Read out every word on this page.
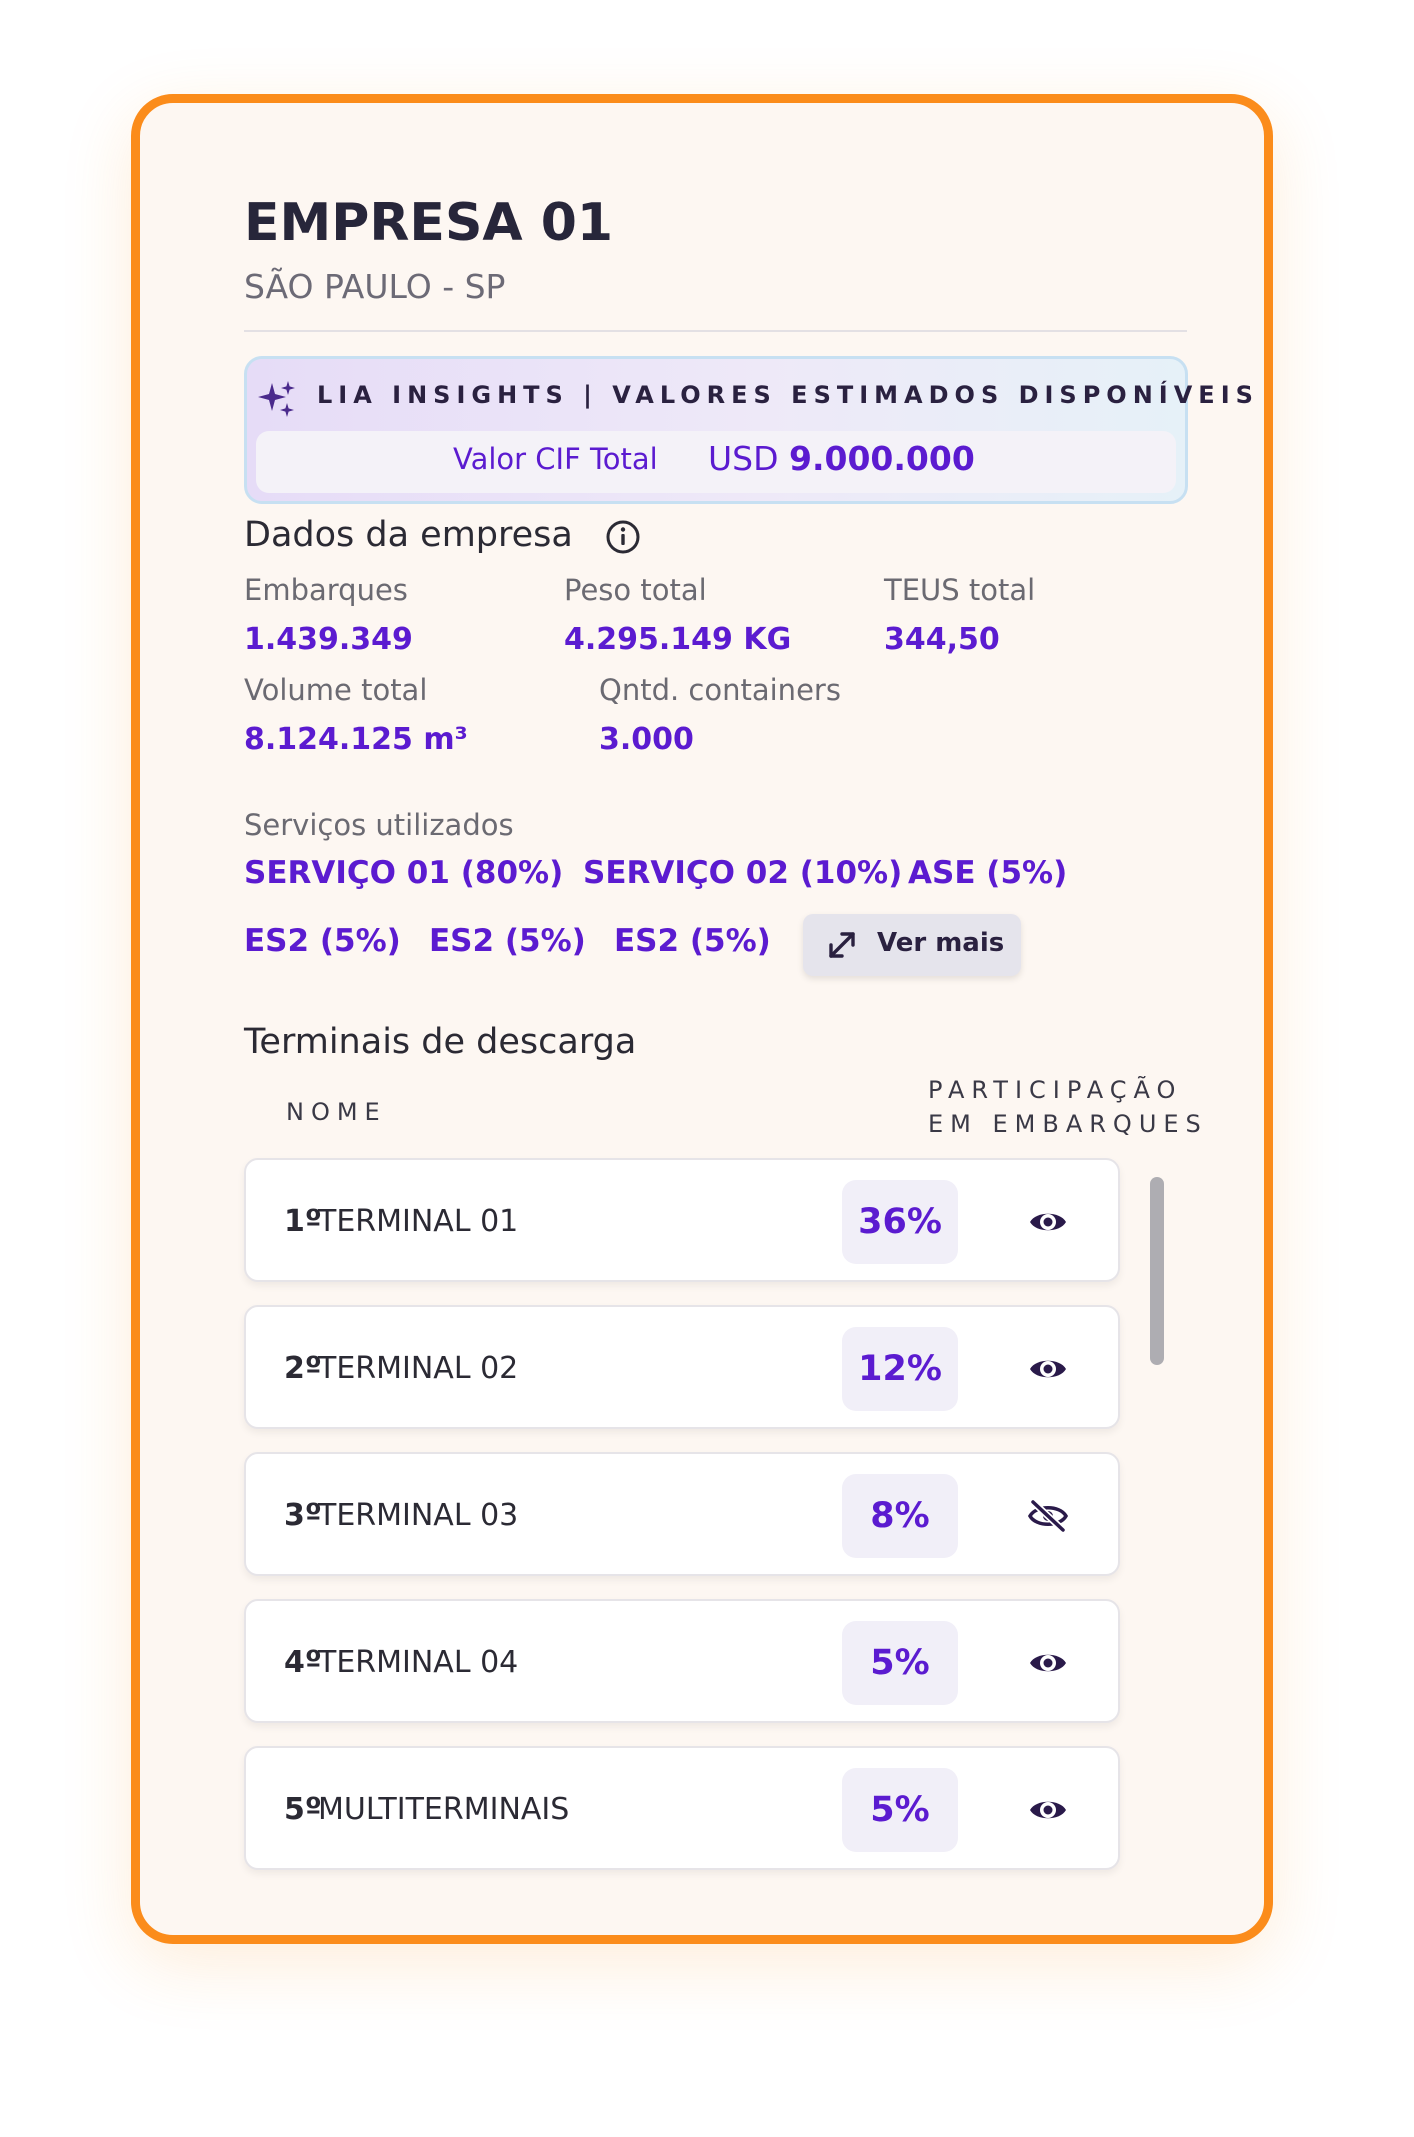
EMPRESA 01
SÃO PAULO - SP
LIA INSIGHTS | VALORES ESTIMADOS DISPONÍVEIS
Valor CIF Total USD 9.000.000
Dados da empresa
Embarques
1.439.349
Peso total
4.295.149 KG
TEUS total
344,50
Volume total
8.124.125 m³
Qntd. containers
3.000
Serviços utilizados
SERVIÇO 01 (80%) SERVIÇO 02 (10%) ASE (5%)
ES2 (5%) ES2 (5%) ES2 (5%)	Ver mais
Terminais de descarga
NOME
PARTICIPAÇÃO
EM EMBARQUES
1º
TERMINAL 01	36%
2º
TERMINAL 02	12%
3º
TERMINAL 03	8%
4º
TERMINAL 04	5%
5º
MULTITERMINAIS	5%
